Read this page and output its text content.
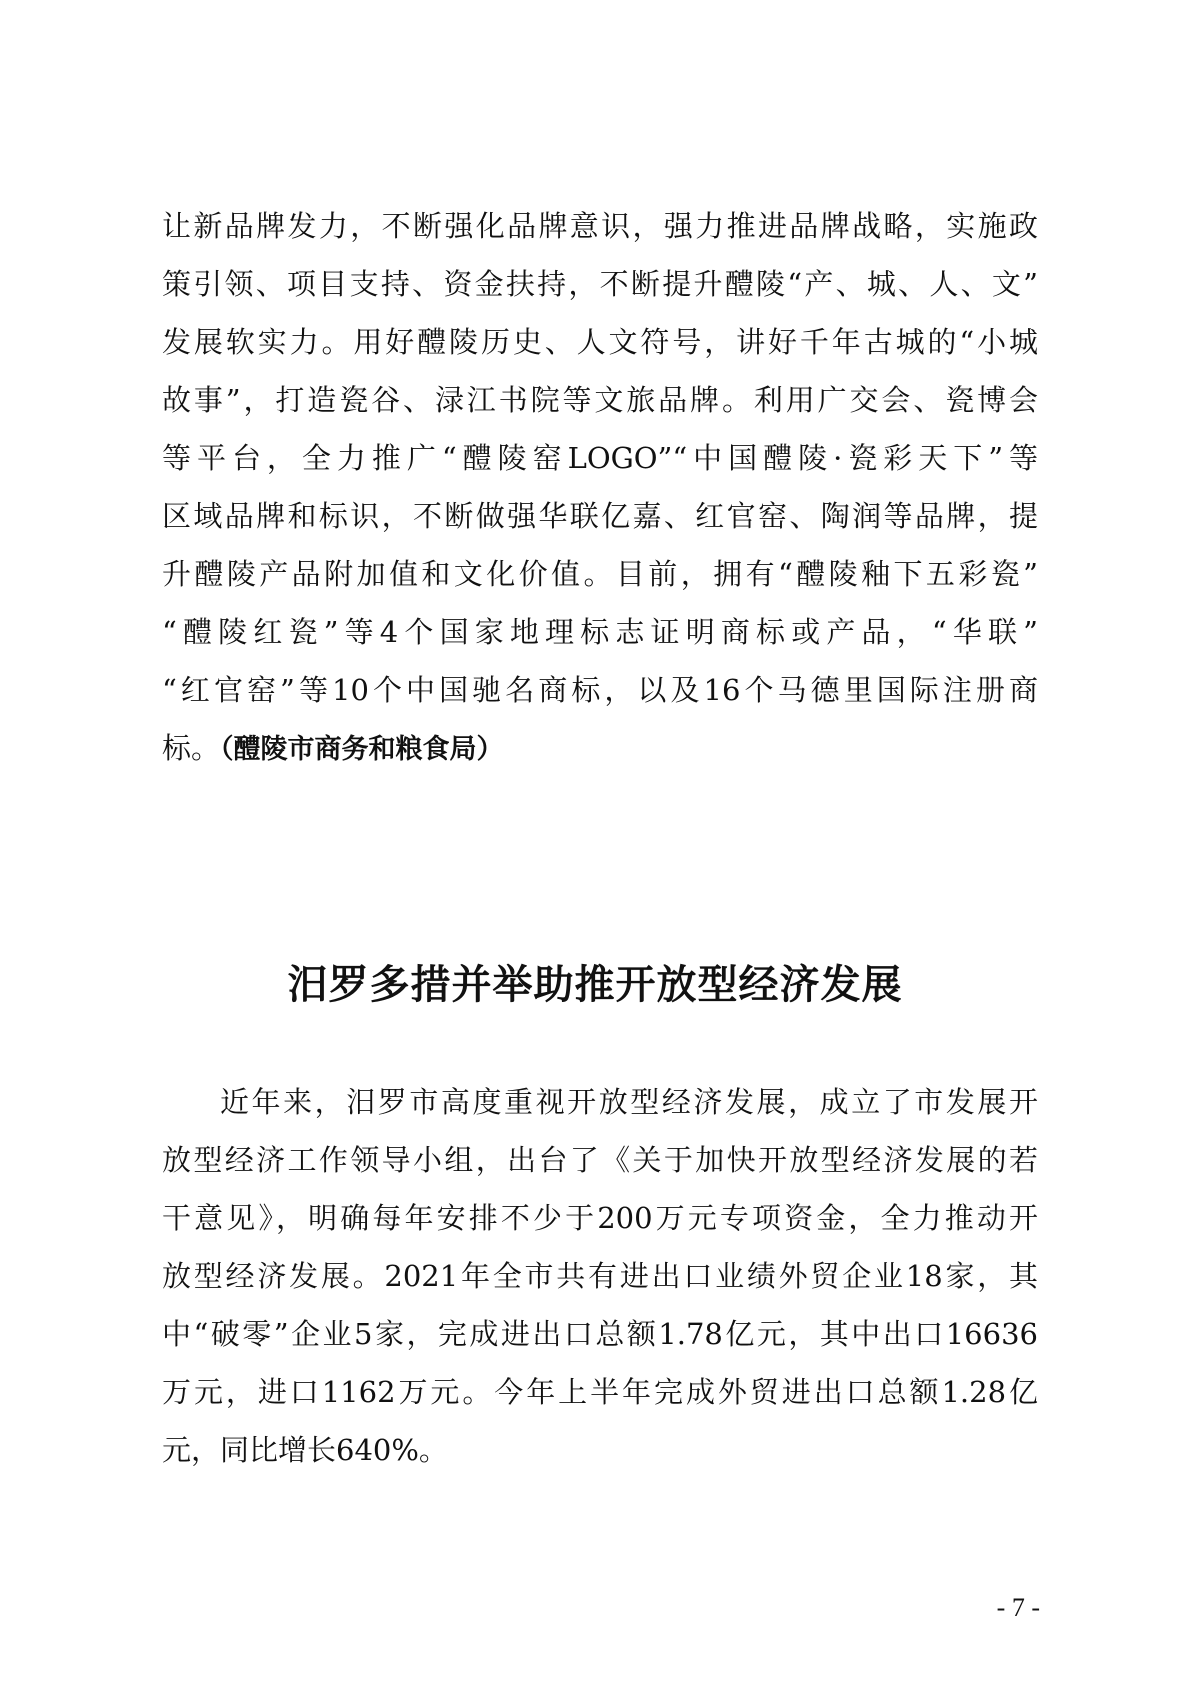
让新品牌发力，不断强化品牌意识，强力推进品牌战略，实施政
策引领、项目支持、资金扶持，不断提升醴陵“产、城、人、文”
发展软实力。用好醴陵历史、人文符号，讲好千年古城的“小城
故事”，打造瓷谷、渌江书院等文旅品牌。利用广交会、瓷博会
等平台，全力推广“醴陵窑LOGO”“中国醴陵·瓷彩天下”等
区域品牌和标识，不断做强华联亿嘉、红官窑、陶润等品牌，提
升醴陵产品附加值和文化价值。目前，拥有“醴陵釉下五彩瓷”
“醴陵红瓷”等4个国家地理标志证明商标或产品，“华联”
“红官窑”等10个中国驰名商标，以及16个马德里国际注册商
标。（醴陵市商务和粮食局）
汨罗多措并举助推开放型经济发展
近年来，汨罗市高度重视开放型经济发展，成立了市发展开
放型经济工作领导小组，出台了《关于加快开放型经济发展的若
干意见》，明确每年安排不少于200万元专项资金，全力推动开
放型经济发展。2021年全市共有进出口业绩外贸企业18家，其
中“破零”企业5家，完成进出口总额1.78亿元，其中出口16636
万元，进口1162万元。今年上半年完成外贸进出口总额1.28亿
元，同比增长640%。
- 7 -
